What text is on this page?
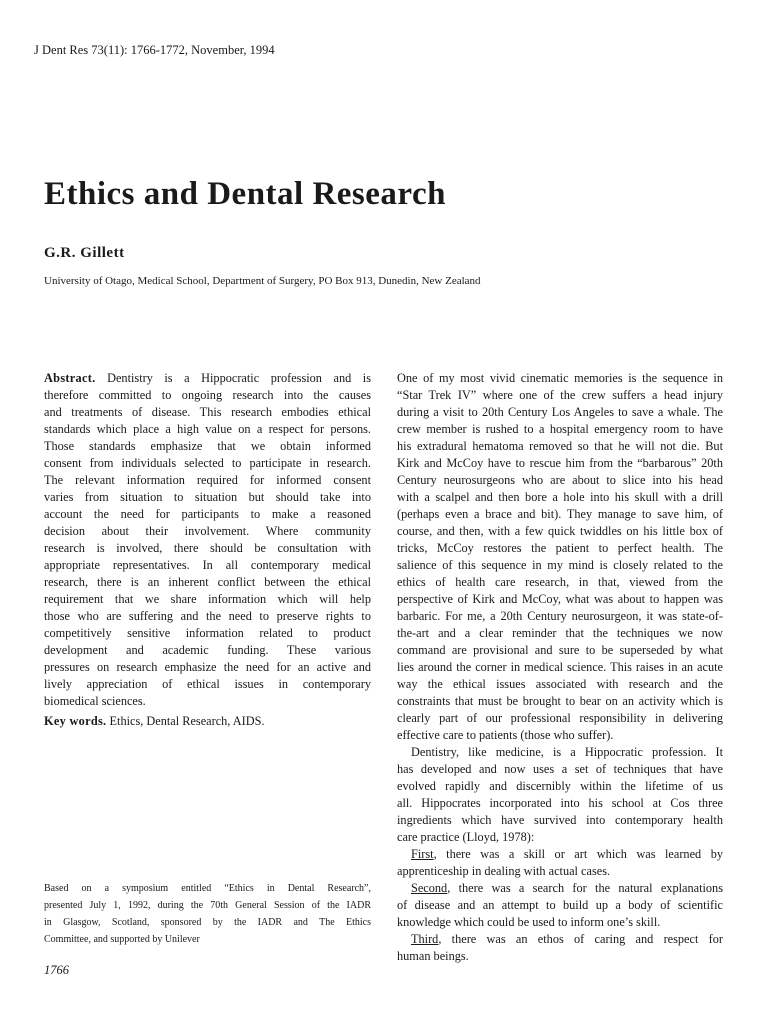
J Dent Res 73(11): 1766-1772, November, 1994
Ethics and Dental Research
G.R. Gillett
University of Otago, Medical School, Department of Surgery, PO Box 913, Dunedin, New Zealand
Abstract. Dentistry is a Hippocratic profession and is
therefore committed to ongoing research into the causes
and treatments of disease. This research embodies ethical
standards which place a high value on a respect for persons.
Those standards emphasize that we obtain informed
consent from individuals selected to participate in research.
The relevant information required for informed consent
varies from situation to situation but should take into
account the need for participants to make a reasoned
decision about their involvement. Where community
research is involved, there should be consultation with
appropriate representatives. In all contemporary medical
research, there is an inherent conflict between the ethical
requirement that we share information which will help
those who are suffering and the need to preserve rights to
competitively sensitive information related to product
development and academic funding. These various
pressures on research emphasize the need for an active and
lively appreciation of ethical issues in contemporary
biomedical sciences.
Key words. Ethics, Dental Research, AIDS.
Based on a symposium entitled “Ethics in Dental Research”,
presented July 1, 1992, during the 70th General Session of the IADR
in Glasgow, Scotland, sponsored by the IADR and The Ethics
Committee, and supported by Unilever
One of my most vivid cinematic memories is the sequence in
“Star Trek IV” where one of the crew suffers a head injury
during a visit to 20th Century Los Angeles to save a whale. The
crew member is rushed to a hospital emergency room to have
his extradural hematoma removed so that he will not die. But
Kirk and McCoy have to rescue him from the “barbarous” 20th
Century neurosurgeons who are about to slice into his head
with a scalpel and then bore a hole into his skull with a drill
(perhaps even a brace and bit). They manage to save him, of
course, and then, with a few quick twiddles on his little box of
tricks, McCoy restores the patient to perfect health. The
salience of this sequence in my mind is closely related to the
ethics of health care research, in that, viewed from the
perspective of Kirk and McCoy, what was about to happen was
barbaric. For me, a 20th Century neurosurgeon, it was state-of-
the-art and a clear reminder that the techniques we now
command are provisional and sure to be superseded by what
lies around the corner in medical science. This raises in an acute
way the ethical issues associated with research and the
constraints that must be brought to bear on an activity which is
clearly part of our professional responsibility in delivering
effective care to patients (those who suffer).
Dentistry, like medicine, is a Hippocratic profession. It
has developed and now uses a set of techniques that have
evolved rapidly and discernibly within the lifetime of us
all. Hippocrates incorporated into his school at Cos three
ingredients which have survived into contemporary health
care practice (Lloyd, 1978):
First, there was a skill or art which was learned by
apprenticeship in dealing with actual cases.
Second, there was a search for the natural explanations
of disease and an attempt to build up a body of scientific
knowledge which could be used to inform one’s skill.
Third, there was an ethos of caring and respect for
human beings.
1766
